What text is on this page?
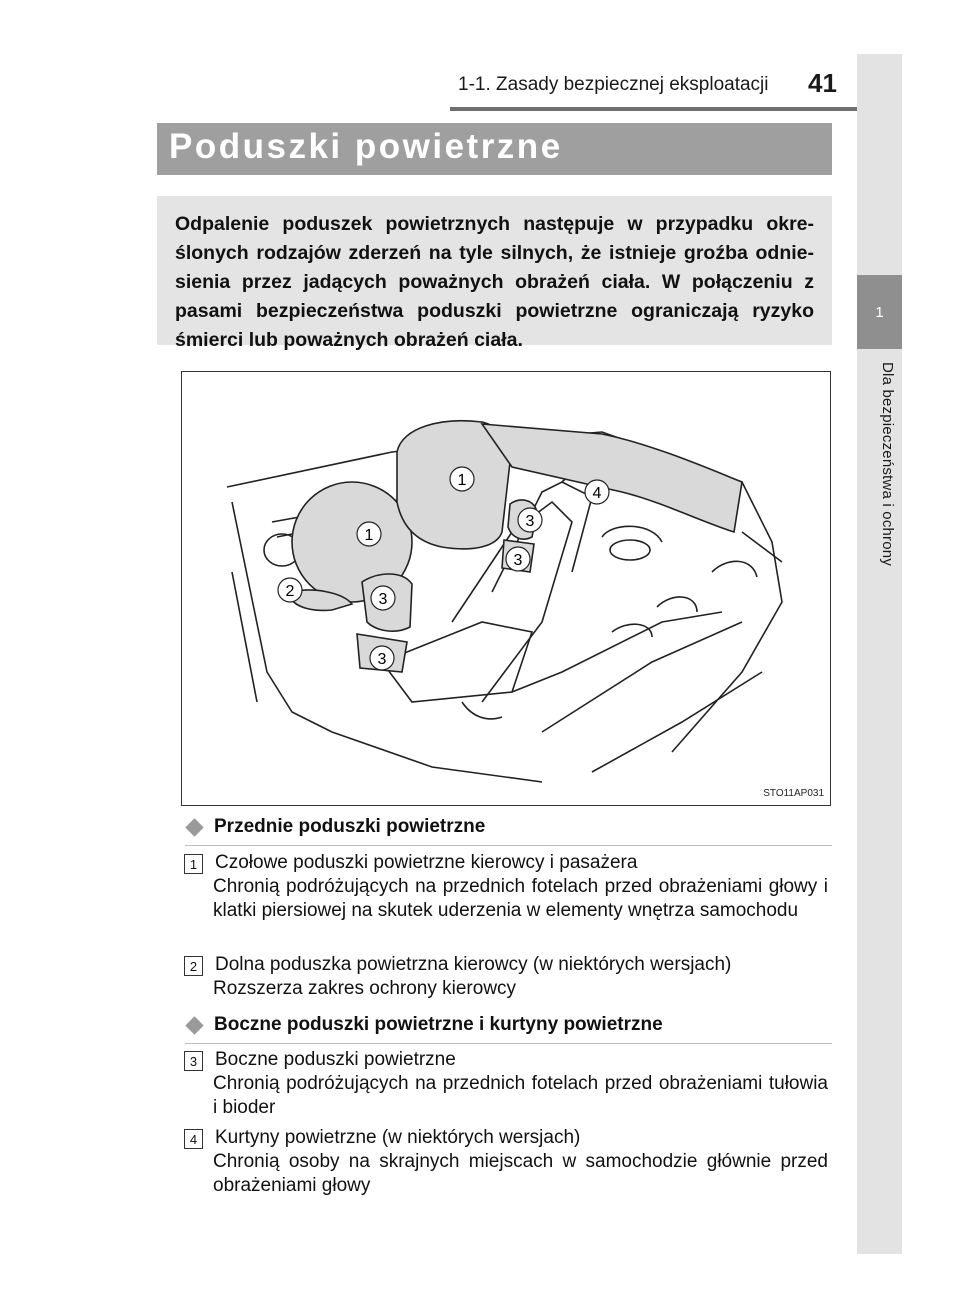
1-1. Zasady bezpiecznej eksploatacji 41
1
Dla bezpieczeństwa i ochrony
Poduszki powietrzne

Odpalenie poduszek powietrznych następuje w przypadku okre-ślonych rodzajów zderzeń na tyle silnych, że istnieje groźba odnie-sienia przez jadących poważnych obrażeń ciała. W połączeniu z pasami bezpieczeństwa poduszki powietrzne ograniczają ryzyko śmierci lub poważnych obrażeń ciała.

1
1
2	3
3
3
3
4
STO11AP031
Przednie poduszki powietrzne
1 Czołowe poduszki powietrzne kierowcy i pasażera
Chronią podróżujących na przednich fotelach przed obrażeniami głowy i klatki piersiowej na skutek uderzenia w elementy wnętrza samochodu
2 Dolna poduszka powietrzna kierowcy (w niektórych wersjach)
Rozszerza zakres ochrony kierowcy
Boczne poduszki powietrzne i kurtyny powietrzne
3 Boczne poduszki powietrzne
Chronią podróżujących na przednich fotelach przed obrażeniami tułowia i bioder
4 Kurtyny powietrzne (w niektórych wersjach)
Chronią osoby na skrajnych miejscach w samochodzie głównie przed obrażeniami głowy
